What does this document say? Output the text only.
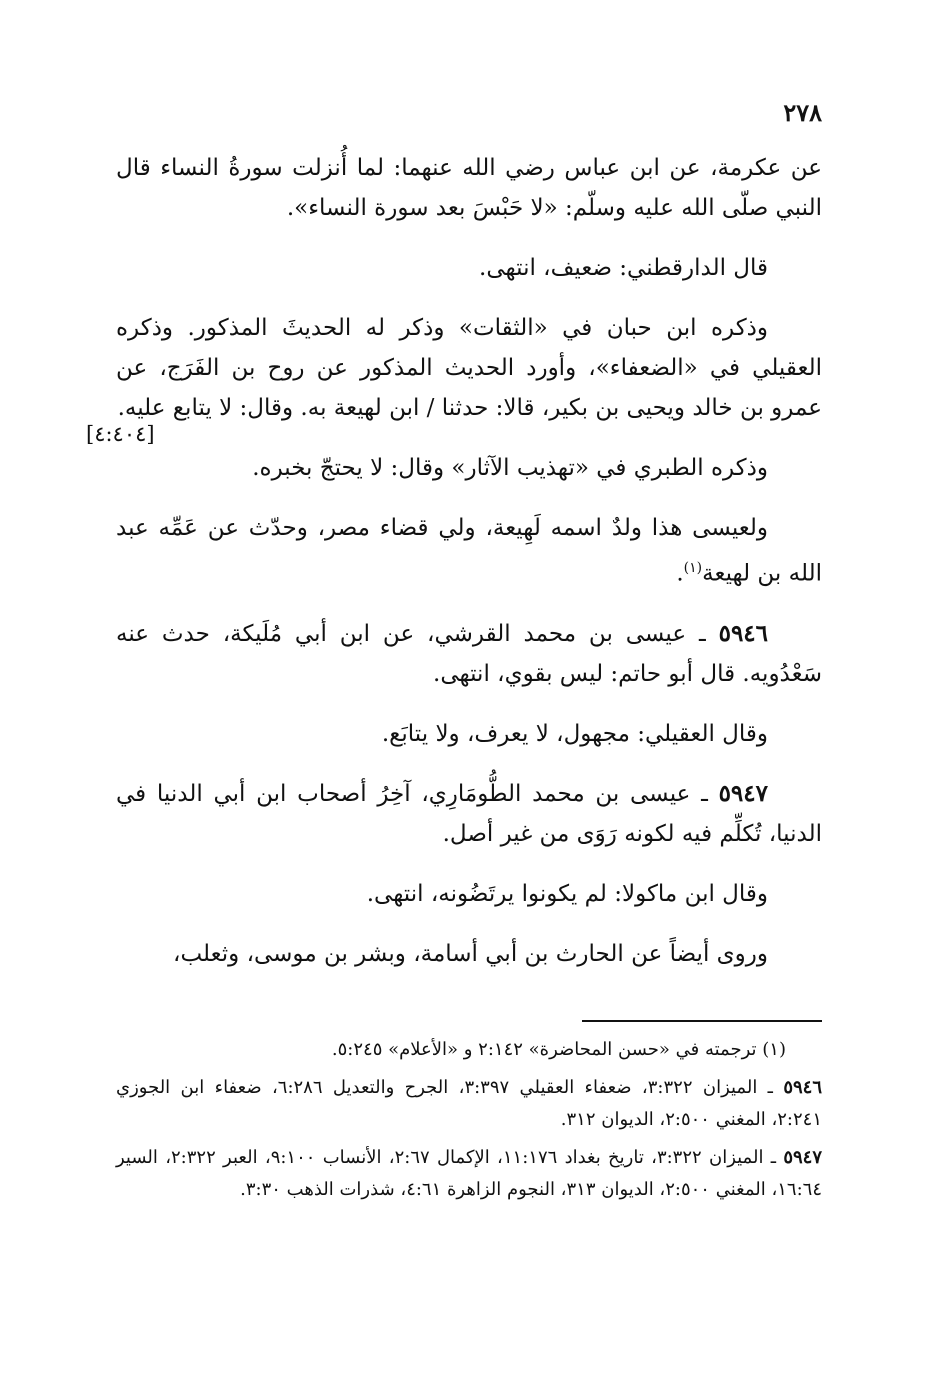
٢٧٨
[٤:٤٠٤]

عن عكرمة، عن ابن عباس رضي الله عنهما: لما أُنزلت سورةُ النساء قال النبي صلّى الله عليه وسلّم: «لا حَبْسَ بعد سورة النساء».

قال الدارقطني: ضعيف، انتهى.

وذكره ابن حبان في «الثقات» وذكر له الحديثَ المذكور. وذكره العقيلي في «الضعفاء»، وأورد الحديث المذكور عن روح بن الفَرَج، عن عمرو بن خالد ويحيى بن بكير، قالا: حدثنا / ابن لهيعة به. وقال: لا يتابع عليه.

وذكره الطبري في «تهذيب الآثار» وقال: لا يحتجّ بخبره.

ولعيسى هذا ولدٌ اسمه لَهِيعة، ولي قضاء مصر، وحدّث عن عَمِّه عبد الله بن لهيعة$^{(١)}$.

٥٩٤٦ ـ عيسى بن محمد القرشي، عن ابن أبي مُلَيكة، حدث عنه سَعْدُويه. قال أبو حاتم: ليس بقوي، انتهى.

وقال العقيلي: مجهول، لا يعرف، ولا يتابَع.

٥٩٤٧ ـ عيسى بن محمد الطُّومَارِي، آخِرُ أصحاب ابن أبي الدنيا في الدنيا، تُكلِّم فيه لكونه رَوَى من غير أصل.

وقال ابن ماكولا: لم يكونوا يرتَضُونه، انتهى.

وروى أيضاً عن الحارث بن أبي أسامة، وبشر بن موسى، وثعلب،

(١) ترجمته في «حسن المحاضرة» ٢:١٤٢ و «الأعلام» ٥:٢٤٥.

٥٩٤٦ ـ الميزان ٣:٣٢٢، ضعفاء العقيلي ٣:٣٩٧، الجرح والتعديل ٦:٢٨٦، ضعفاء ابن الجوزي ٢:٢٤١، المغني ٢:٥٠٠، الديوان ٣١٢.

٥٩٤٧ ـ الميزان ٣:٣٢٢، تاريخ بغداد ١١:١٧٦، الإكمال ٢:٦٧، الأنساب ٩:١٠٠، العبر ٢:٣٢٢، السير ١٦:٦٤، المغني ٢:٥٠٠، الديوان ٣١٣، النجوم الزاهرة ٤:٦١، شذرات الذهب ٣:٣٠.
